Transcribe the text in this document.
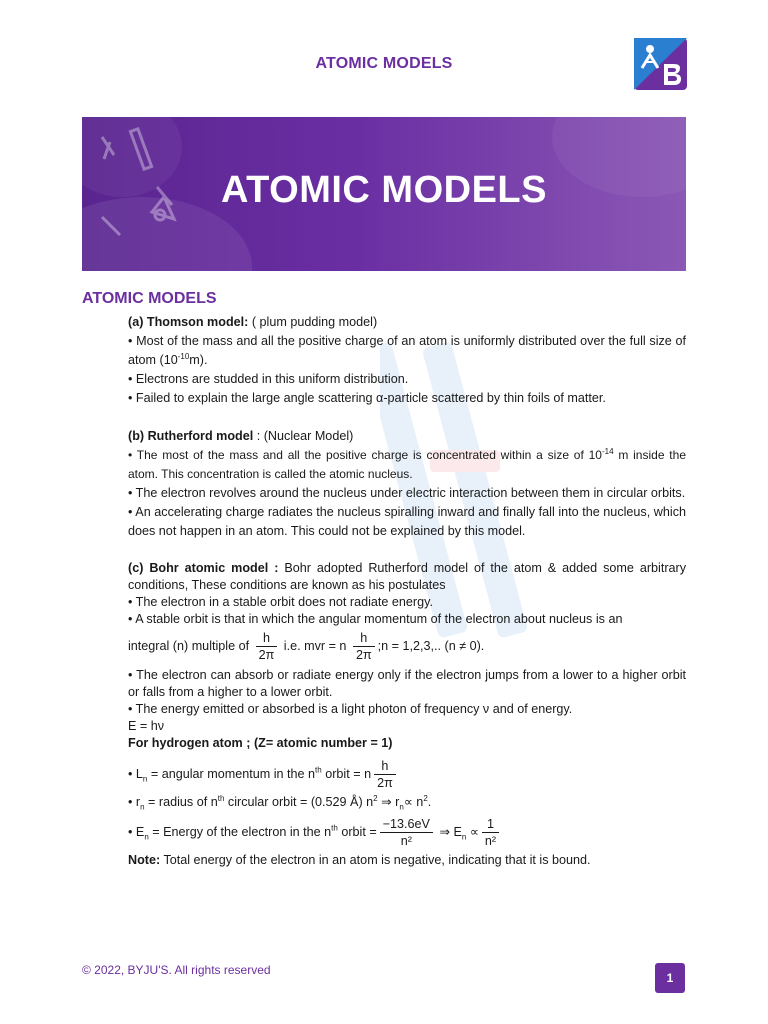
ATOMIC MODELS
ATOMIC MODELS
ATOMIC MODELS

(a) Thomson model: ( plum pudding model)

• Most of the mass and all the positive charge of an atom is uniformly distributed over the full size of atom $(10^{-10}m)$.

• Electrons are studded in this uniform distribution.

• Failed to explain the large angle scattering α-particle scattered by thin foils of matter.

(b) Rutherford model : (Nuclear Model)

• The most of the mass and all the positive charge is concentrated within a size of $10^{-14}$ m inside the atom. This concentration is called the atomic nucleus.

• The electron revolves around the nucleus under electric interaction between them in circular orbits.

• An accelerating charge radiates the nucleus spiralling inward and finally fall into the nucleus, which does not happen in an atom. This could not be explained by this model.

(c) Bohr atomic model : Bohr adopted Rutherford model of the atom & added some arbitrary conditions, These conditions are known as his postulates

• The electron in a stable orbit does not radiate energy.

• A stable orbit is that in which the angular momentum of the electron about nucleus is an

integral (n) multiple of $\frac{h}{2\pi} i.e$. mvr = n $\frac{h}{2\pi}$ ;n = 1,2,3,.. (n ≠ 0).

• The electron can absorb or radiate energy only if the electron jumps from a lower to a higher orbit or falls from a higher to a lower orbit.

• The energy emitted or absorbed is a light photon of frequency ν and of energy.

E = hν

For hydrogen atom ; (Z= atomic number = 1)

• $L_n$ = angular momentum in the $n^{th}$ orbit = n $\frac{h}{2\pi}$

• $r_n$ = radius of $n^{th}$ circular orbit = (0.529 Å) $n^2$ ⇒ $r_n\propto n^2$.

• $E_n$ = Energy of the electron in the $n^{th}$ orbit = $\frac{-13.6eV}{\text{n²}}$ ⇒ $E_n \propto \frac{1}{\text{n²}}$

Note: Total energy of the electron in an atom is negative, indicating that it is bound.

© 2022, BYJU'S. All rights reserved
1
